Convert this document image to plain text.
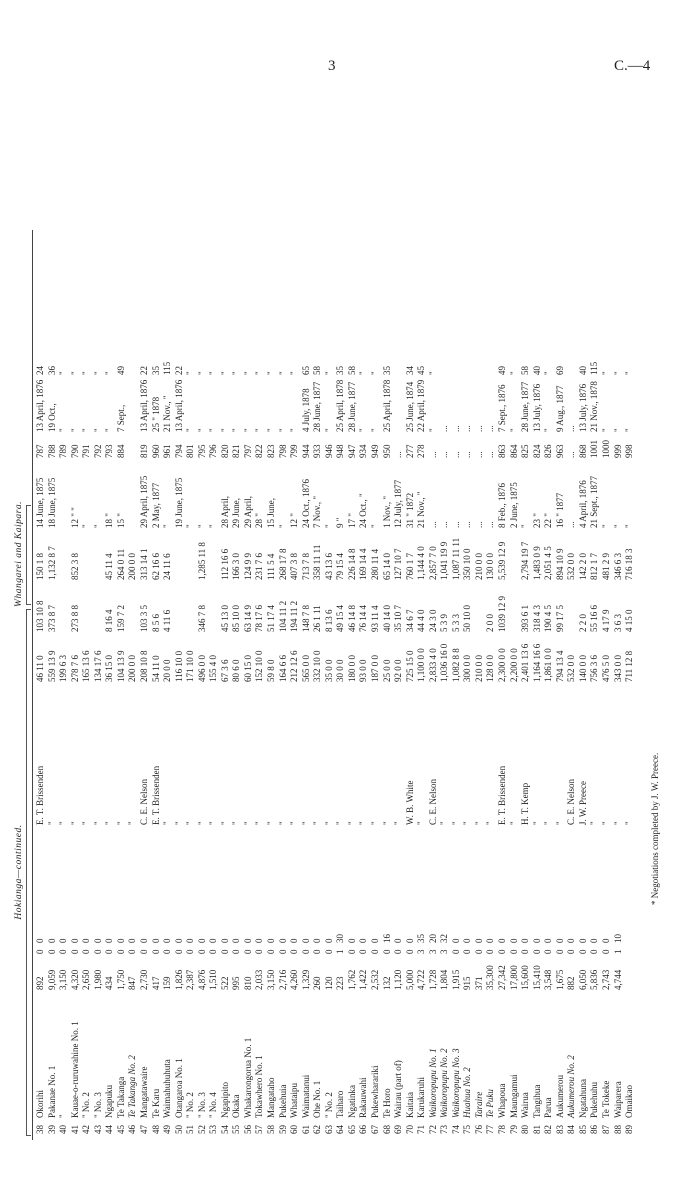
3	C.—4
38
Okorihi
892
0
0
E. T. Brissenden
46 11 0
103 10 8
150 1 8
14 June, 1875
787
13 April, 1876
24
39
Pakanae No. 1
9,059
0
0
"
559 13 9
373 8 7
1,132 8 7
18 June, 1875
788
19 Oct.,
36
40
"
3,150
0
0
"
199 6 3
789
"
"
41
Kauae-o-ruruwahine No. 1
4,320
0
0
"
278 7 6
273 8 8
852 3 8
12 " "
790
"
"
42
" No. 2
2,650
0
0
"
165 13 6
"
791
"
"
43
" No. 3
1,980
0
0
"
134 17 6
"
792
"
"
44
Ngapuku
434
0
0
"
36 15 0
8 16 4
45 11 4
18 "
793
"
"
45
Te Takanga
1,750
0
0
"
104 13 9
159 7 2
264 0 11
15 "
884
7 Sept.,
49
46
Te Takanga No. 2
847
0
0
"
200 0 0
200 0 0
47
Mangatawaire
2,730
0
0
C. E. Nelson
208 10 8
103 3 5
313 14 1
29 April, 1875
819
13 April, 1876
22
48
Te Karu
417
0
0
E. T. Brissenden
54 11 0
8 5 6
62 16 6
2 May, 1877
960
25 " 1878
35
49
Waimahuhuhuta
159
0
0
"
20 0 0
4 11 6
24 11 6
"
961
21 Nov., "
115
50
Otangaroa No. 1
1,826
0
0
"
116 10 0
19 June, 1875
794
13 April, 1876
22
51
" No. 2
2,387
0
0
"
171 10 0
"
801
"
"
52
" No. 3
4,876
0
0
"
496 0 0
346 7 8
1,285 11 8
"
795
"
"
53
" No. 4
1,510
0
0
"
155 4 0
"
796
"
"
54
Ngapipito
522
0
0
"
67 3 6
45 13 0
112 16 6
28 April,
820
"
"
55
Okaka
995
0
0
"
80 6 0
85 10 0
166 3 0
29 June,
821
"
"
56
Whakarongorua No. 1
810
0
0
"
60 15 0
63 14 9
124 9 9
29 April,
797
"
"
57
Tokawhero No. 1
2,033
0
0
"
152 10 0
78 17 6
231 7 6
28 "
822
"
"
58
Mangataho
3,150
0
0
"
59 8 0
51 17 4
111 5 4
15 June,
823
"
"
59
Pukehuia
2,716
0
0
"
164 6 6
104 11 2
268 17 8
"
798
"
"
60
Whataipu
4,260
0
0
"
212 12 6
194 11 2
407 3 8
12 "
799
"
"
61
Waimatanui
1,329
0
0
"
565 0 0
148 7 8
713 7 8
24 Oct., 1876
944
4 July, 1878
65
62
Ohe No. 1
260
0
0
"
332 10 0
26 1 11
358 11 11
7 Nov., "
933
28 June, 1877
58
63
" No. 2
120
0
0
"
35 0 0
8 13 6
43 13 6
"
946
"
"
64
Taiharo
223
1
30
"
30 0 0
49 15 4
79 15 4
9 "
948
25 April, 1878
35
65
Ngatinka
1,762
0
0
"
180 0 0
46 14 8
226 14 8
17 "
947
28 June, 1877
58
66
Rakauwahi
1,422
0
0
"
93 0 0
76 14 4
169 14 4
24 Oct., "
934
"
"
67
Pukewharariki
2,532
0
0
"
187 0 0
93 11 4
280 11 4
"
949
"
"
68
Te Horo
132
0
16
"
25 0 0
40 14 0
65 14 0
1 Nov., "
950
25 April, 1878
35
69
Wairau (part of)
1,120
0
0
"
92 0 0
35 10 7
127 10 7
12 July, 1877
...
70
Kaitaia
5,000
0
0
W. B. White
725 15 0
34 6 7
760 1 7
31 " 1872
277
25 June, 1874
34
71
Karukaruhi
4,722
3
35
"
1,100 0 0
44 4 0
1,144 4 0
21 Nov., "
278
22 April, 1879
45
72
Waikoropupu No. 1
1,728
3
20
C. E. Nelson
2,833 4 0
24 3 0
2,857 7 0
...
...
"
"
73
Waikoropupu No. 2
1,804
3
32
"
1,036 16 0
5 3 9
1,041 19 9
...
...
...
74
Waikoropupu No. 3
1,915
0
0
"
1,082 8 8
5 3 3
1,087 11 11
...
...
...
75
Huahua No. 2
915
0
0
"
300 0 0
50 10 0
350 10 0
...
...
...
76
Taraire
371
0
0
"
210 0 0
210 0 0
...
...
...
77
Te Puku
35,300
0
0
"
128 0 0
2 0 0
130 0 0
...
...
...
78
Whapoua
27,342
0
0
E. T. Brissenden
2,300 0 0
1039 12 9
5,539 12 9
8 Feb., 1876
863
7 Sept., 1876
49
79
Maungamui
17,800
0
0
"
2,200 0 0
2 June, 1875
864
"
"
80
Wairua
15,600
0
0
H. T. Kemp
2,401 13 6
393 6 1
2,794 19 7
"
825
28 June, 1877
58
81
Tangihua
15,410
0
0
"
1,164 16 6
318 4 3
1,483 0 9
23 "
824
13 July, 1876
40
82
Parua
3,548
0
0
"
1,861 0 0
190 4 5
2,051 4 5
22 "
826
"
"
83
Aukumerou
1,675
0
0
"
794 13 4
99 17 5
894 10 9
16 " 1877
963
9 Aug., 1877
69
84
Aukumerou No. 2
882
0
0
C. E. Nelson
532 0 0
532 0 0
...
...
...
85
Ngatahuna
6,050
0
0
J. W. Preece
140 0 0
2 2 0
142 2 0
4 April, 1876
868
13 July, 1876
40
86
Pukehuhu
5,836
0
0
"
756 3 6
55 16 6
812 1 7
21 Sept., 1877
1001
21 Nov., 1878
115
87
Te Tokeke
2,743
0
0
"
476 5 0
4 17 9
481 2 9
"
1000
"
"
88
Waiparera
4,744
1
10
"
343 0 0
3 6 3
346 6 3
"
999
"
"
89
Omaikao
"
711 12 8
4 15 0
716 18 3
"
998
"
"
Hokianga—continued.
Whangarei and Kaipara.
* Negotiations completed by J. W. Preece.
